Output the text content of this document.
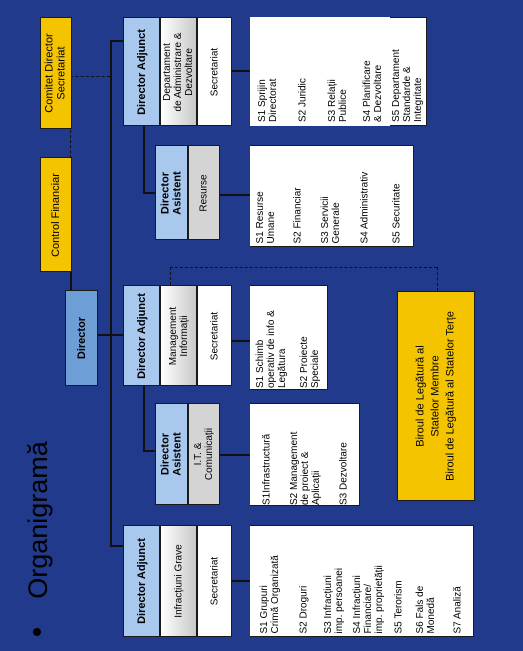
Organigramă
Comitet Director
Secretariat
Control Financiar
Director
Director Adjunct Departament
de Administrare &
Dezvoltare Secretariat
S1 Sprijin
Directorat S2 Juridic S3 Relații
Publice S4 Planificare
& Dezvoltare
S5 Departament
Standarde &
Integritate
Director
Asistent Resurse
S1 Resurse
Umane S2 Financiar S3 Servicii
Generale S4 Administrativ S5 Securitate
Director Adjunct Management
Informații Secretariat
S1 Schimb
operativ de info &
Legătura S2 Proiecte
Speciale
Director
Asistent I.T. &
Comunicații	S1Infrastructură S2 Management
de proiect &
Aplicații S3 Dezvoltare
Biroul de Legătură al
Statelor Membre
Biroul de Legătură al Statelor Terțe
Director Adjunct	Infracțiuni Grave	Secretariat
S1 Grupuri
Crimă Organizată
S2 Droguri S3 Infracțiuni
imp. persoanei
S4 Infracțiuni
Financiare/
imp. proprietății S5 Terorism S6 Fals de
Monedă S7 Analiză
